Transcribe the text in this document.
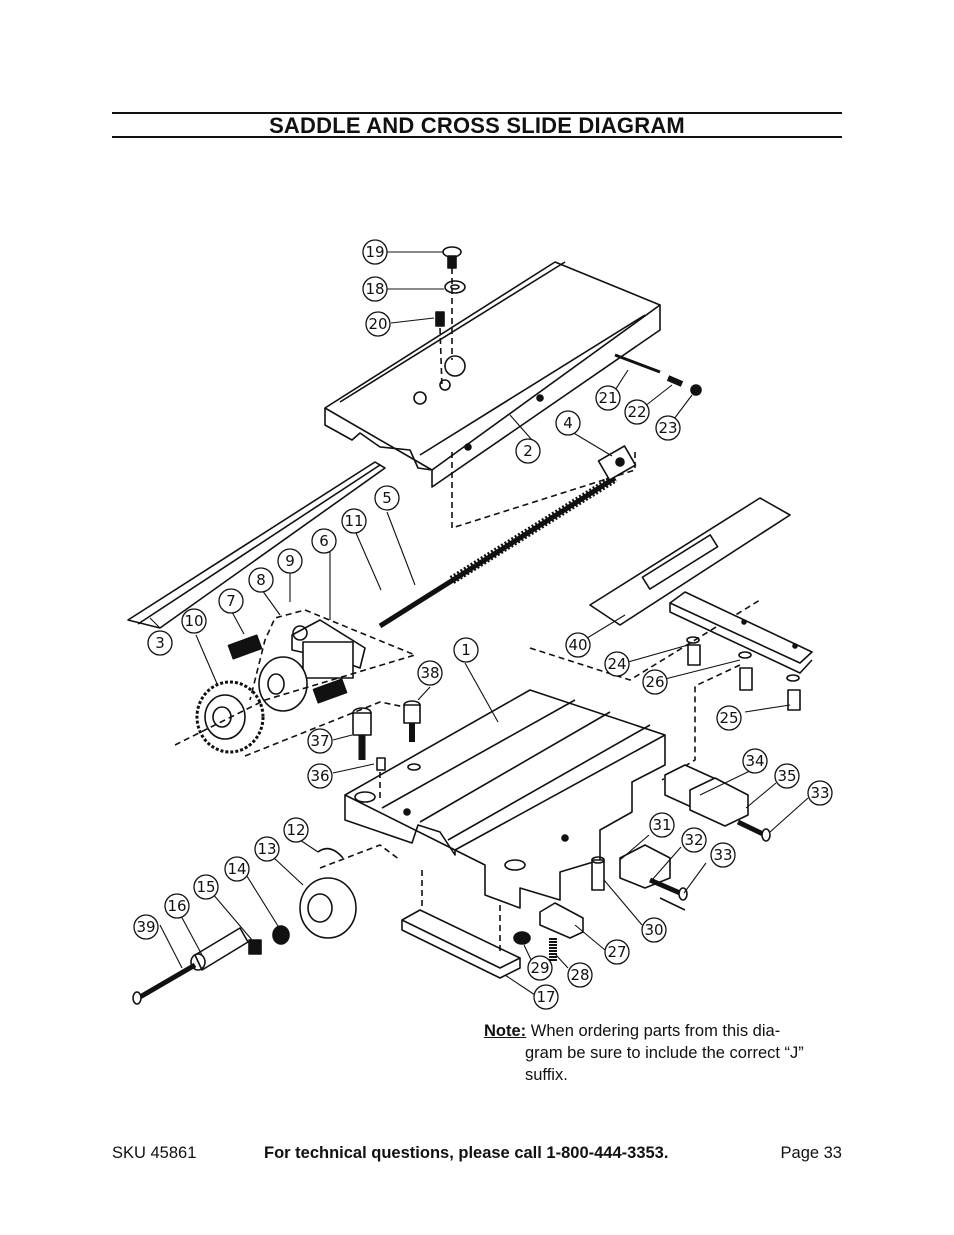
SADDLE AND CROSS SLIDE DIAGRAM
1
2
3
4
5
6
7
8
9
10
11
12
13
14
15
16
17
18
19
20
21
22
23
24
25
26
27
28
29
30
31
32
33
33
34
35
36
37
38
39
40
Note: When ordering parts from this dia-
gram be sure to include the correct “J”
suffix.
SKU 45861	For technical questions, please call 1-800-444-3353.	Page 33
